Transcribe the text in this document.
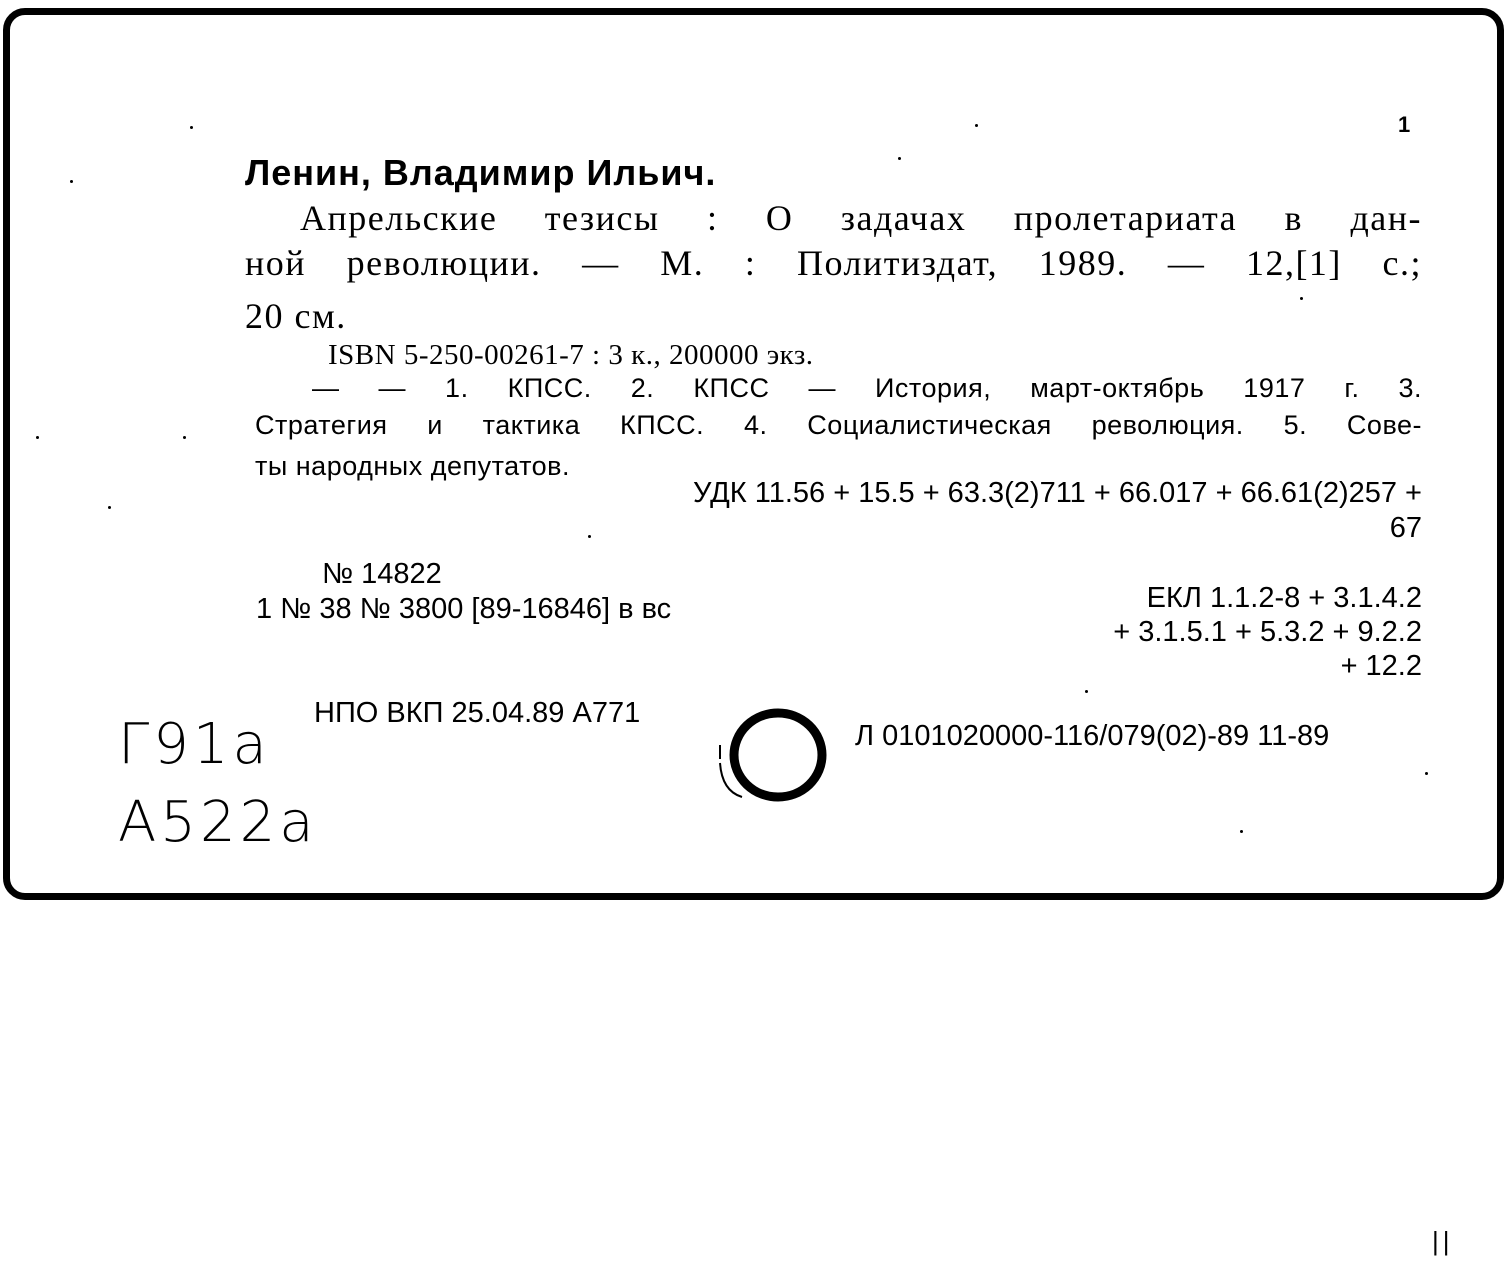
1
Ленин, Владимир Ильич.
Апрельские тезисы : О задачах пролетариата в дан-
ной революции. — М. : Политиздат, 1989. — 12,[1] с.;
20 см.
ISBN 5-250-00261-7 : 3 к., 200000 экз.
— — 1. КПСС. 2. КПСС — История, март-октябрь 1917 г. 3.
Стратегия и тактика КПСС. 4. Социалистическая революция. 5. Сове-
ты народных депутатов.
УДК 11.56 + 15.5 + 63.3(2)711 + 66.017 + 66.61(2)257 +
67
№ 14822
1 № 38 № 3800 [89-16846] в вс	ЕКЛ 1.1.2-8 + 3.1.4.2
+ 3.1.5.1 + 5.3.2 + 9.2.2
+ 12.2
НПО ВКП 25.04.89 А771
Л 0101020000-116/079(02)-89 11-89
Г91а
А522а
||
